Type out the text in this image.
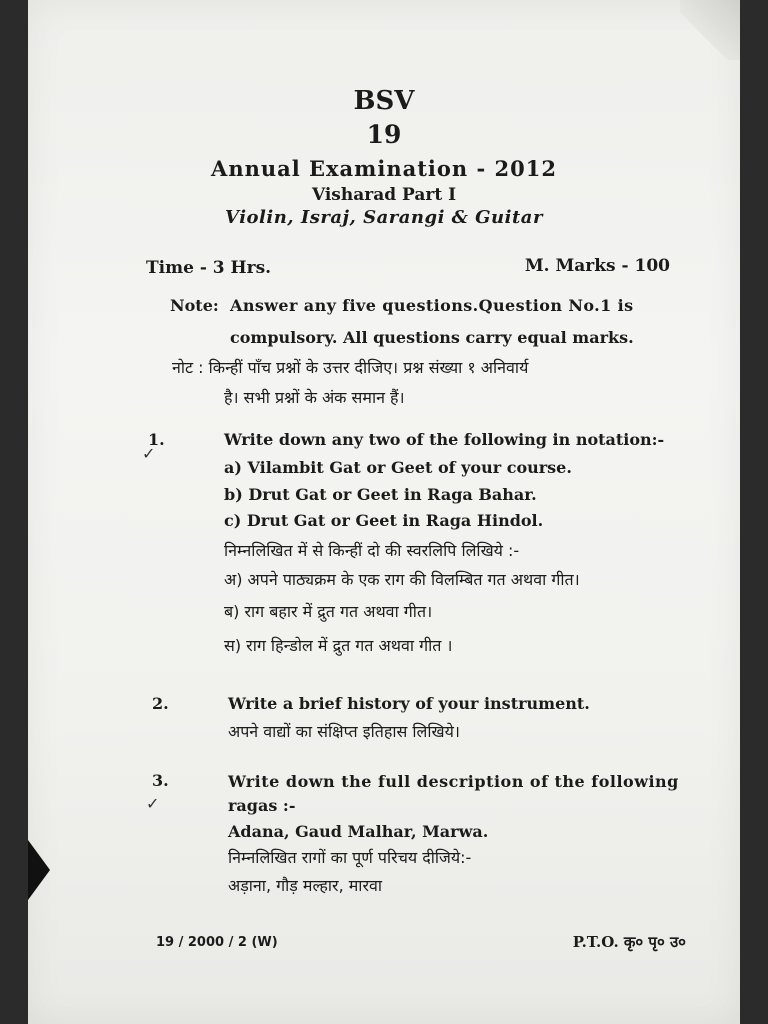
BSV
19
Annual Examination - 2012
Visharad Part I
Violin, Israj, Sarangi & Guitar
Time - 3 Hrs.	M. Marks - 100
Note: Answer any five questions.Question No.1 is
compulsory. All questions carry equal marks.
नोट : किन्हीं पाँच प्रश्नों के उत्तर दीजिए। प्रश्न संख्या १ अनिवार्य
है। सभी प्रश्नों के अंक समान हैं।
1.
✓
Write down any two of the following in notation:-
a) Vilambit Gat or Geet of your course.
b) Drut Gat or Geet in Raga Bahar.
c) Drut Gat or Geet in Raga Hindol.
निम्नलिखित में से किन्हीं दो की स्वरलिपि लिखिये :-
अ) अपने पाठ्यक्रम के एक राग की विलम्बित गत अथवा गीत।
ब) राग बहार में द्रुत गत अथवा गीत।
स) राग हिन्डोल में द्रुत गत अथवा गीत ।
2.	Write a brief history of your instrument.
अपने वाद्यों का संक्षिप्त इतिहास लिखिये।
3.
✓
Write down the full description of the following
ragas :-
Adana, Gaud Malhar, Marwa.
निम्नलिखित रागों का पूर्ण परिचय दीजिये:-
अड़ाना, गौड़ मल्हार, मारवा
19 / 2000 / 2 (W)	P.T.O. कृ० पृ० उ०
